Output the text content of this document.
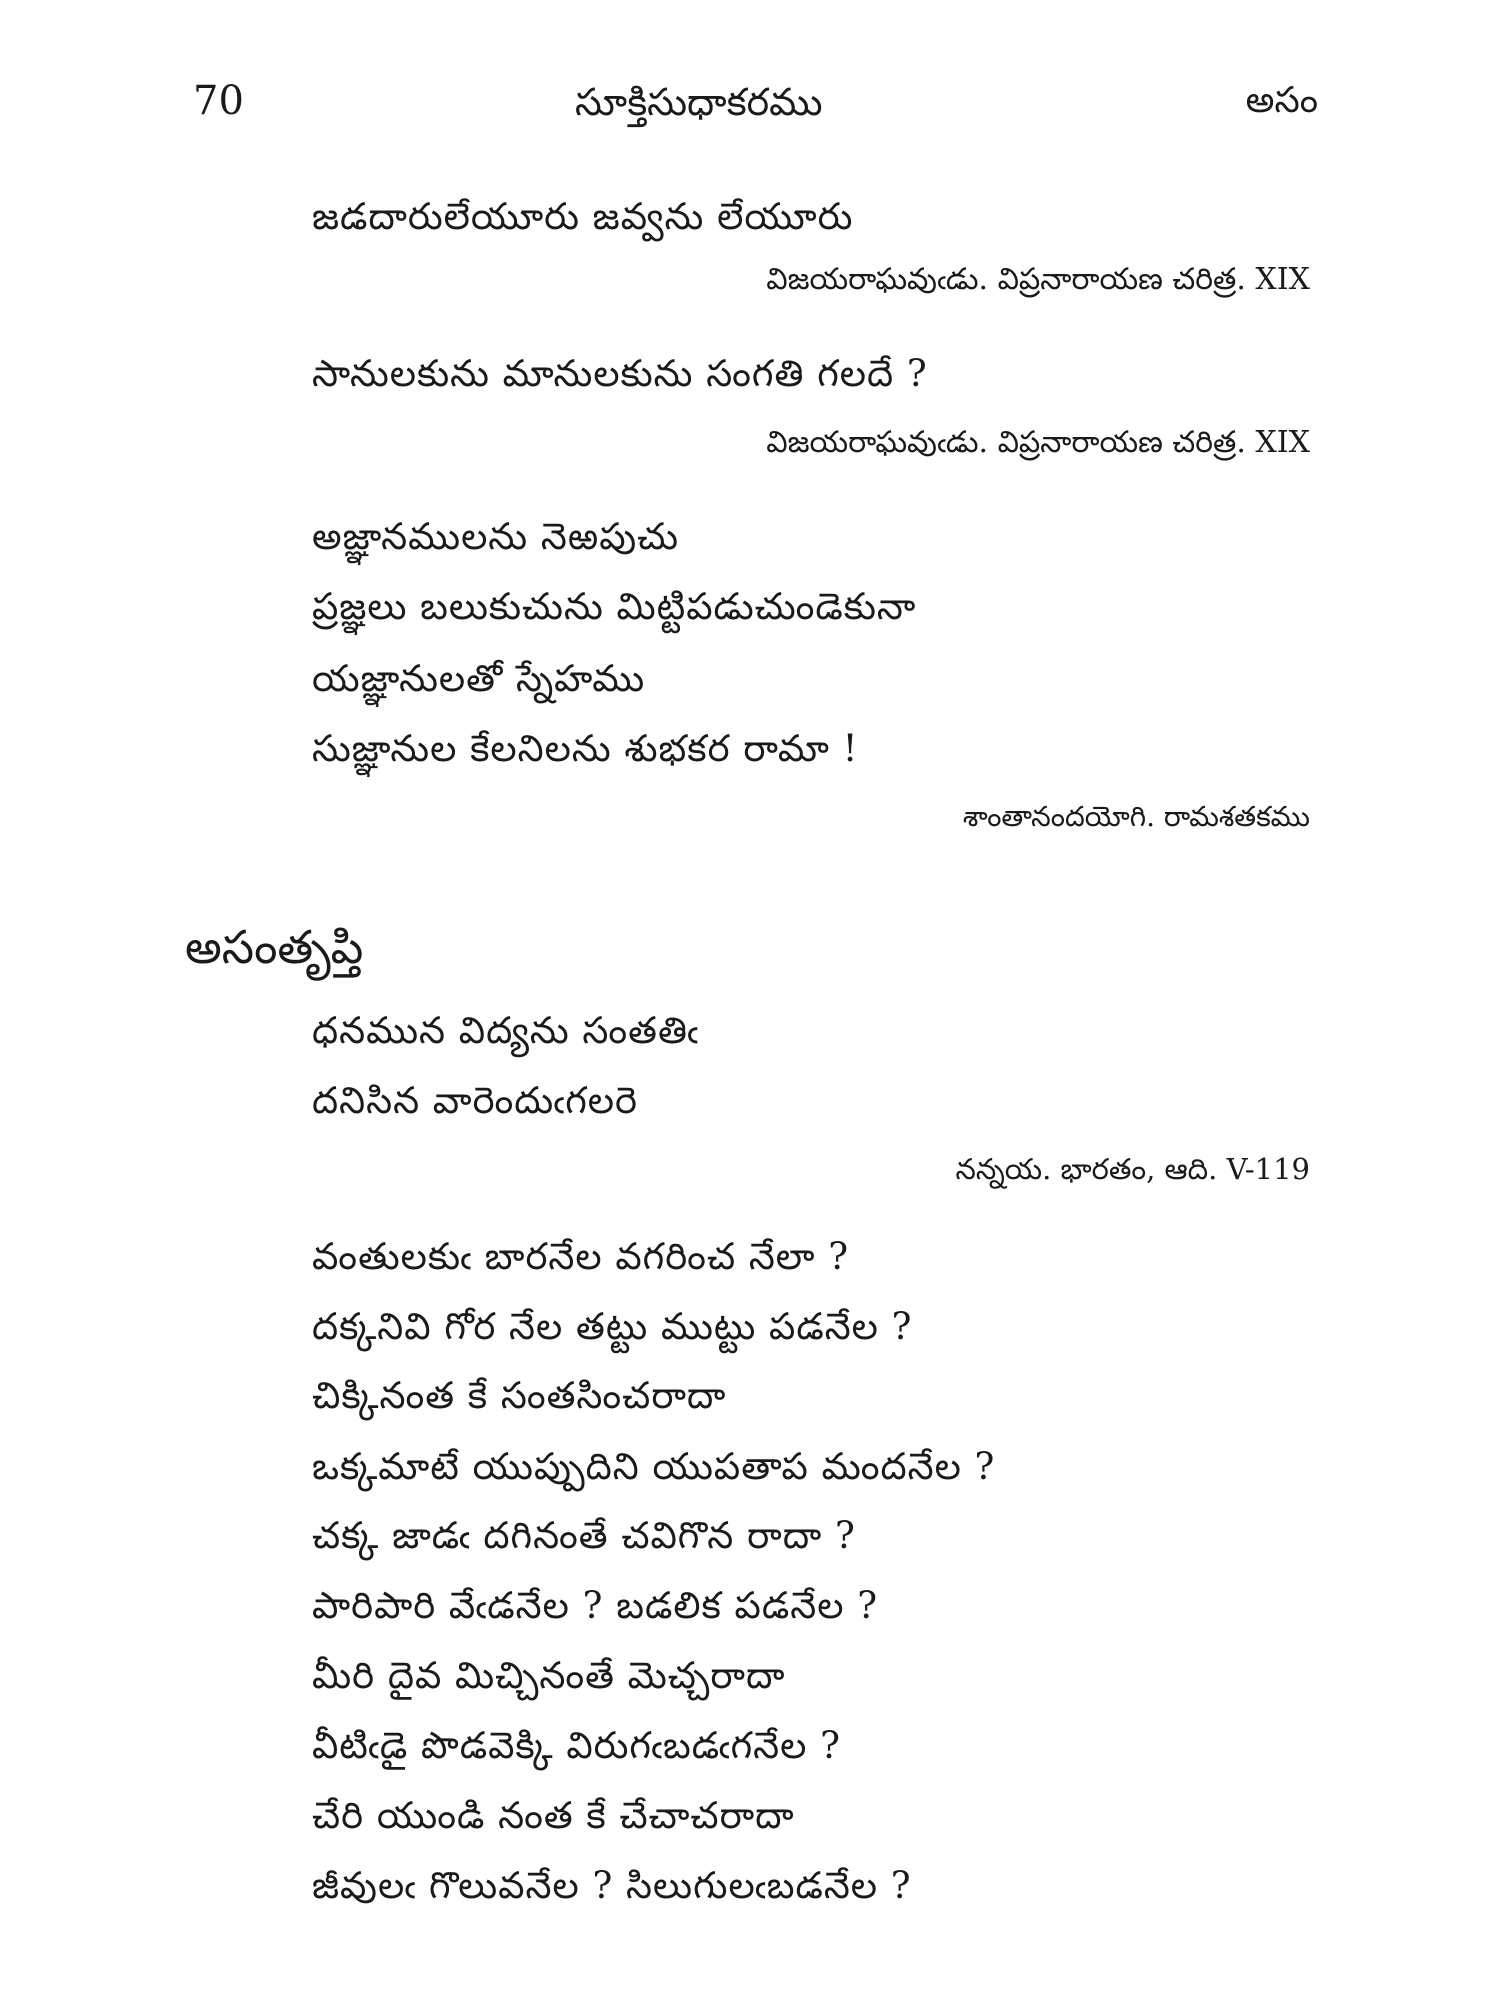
70	సూక్తిసుధాకరము	అసం
జడదారులేయూరు జవ్వను లేయూరు
విజయరాఘవుఁడు. విప్రనారాయణ చరిత్ర. XIX
సానులకును మానులకును సంగతి గలదే ?
విజయరాఘవుఁడు. విప్రనారాయణ చరిత్ర. XIX
అజ్ఞానములను నెఱపుచు
ప్రజ్ఞలు బలుకుచును మిట్టిపడుచుండెకునా
యజ్ఞానులతో స్నేహము
సుజ్ఞానుల కేలనిలను శుభకర రామా !
శాంతానందయోగి. రామశతకము
అసంతృప్తి
ధనమున విద్యను సంతతిఁ
దనిసిన వారెందుఁగలరె
నన్నయ. భారతం, ఆది. V-119
వంతులకుఁ బారనేల వగరించ నేలా ?
దక్కనివి గోర నేల తట్టు ముట్టు పడనేల ?
చిక్కినంత కే సంతసించరాదా
ఒక్కమాటే యుప్పుదిని యుపతాప మందనేల ?
చక్క జాడఁ దగినంతే చవిగొన రాదా ?
పారిపారి వేఁడనేల ? బడలిక పడనేల ?
మీరి దైవ మిచ్చినంతే మెచ్చరాదా
వీటిఁడై పొడవెక్కి విరుగఁబడఁగనేల ?
చేరి యుండి నంత కే చేచాచరాదా
జీవులఁ గొలువనేల ? సిలుగులఁబడనేల ?
